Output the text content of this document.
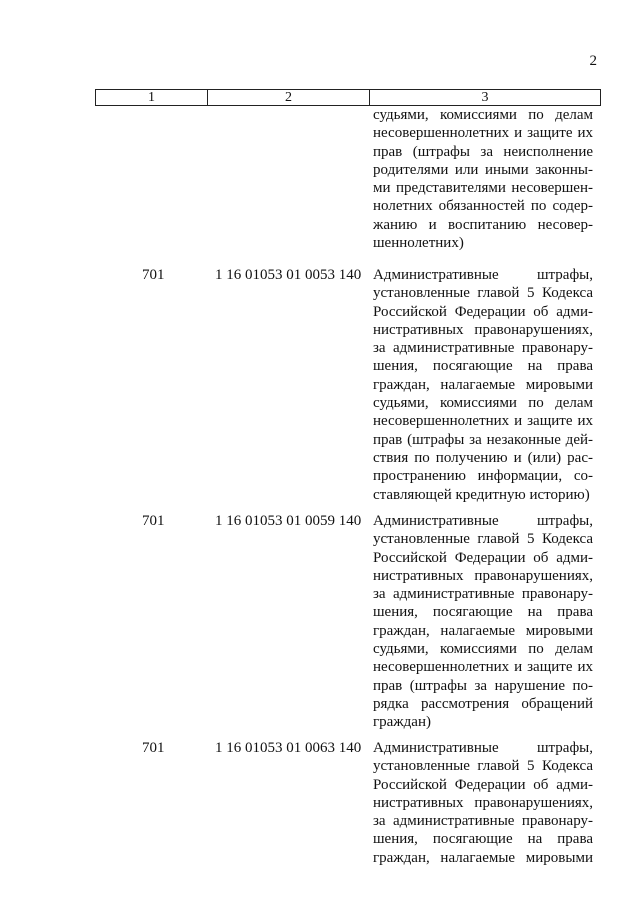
2
1	2	3
судьями, комиссиями по делам
несовершеннолетних и защите их
прав (штрафы за неисполнение
родителями или иными законны-
ми представителями несовершен-
нолетних обязанностей по содер-
жанию и воспитанию несовер-
шеннолетних)
701	1 16 01053 01 0053 140 Административные штрафы,
установленные главой 5 Кодекса
Российской Федерации об адми-
нистративных правонарушениях,
за административные правонару-
шения, посягающие на права
граждан, налагаемые мировыми
судьями, комиссиями по делам
несовершеннолетних и защите их
прав (штрафы за незаконные дей-
ствия по получению и (или) рас-
пространению информации, со-
ставляющей кредитную историю)
701	1 16 01053 01 0059 140 Административные штрафы,
установленные главой 5 Кодекса
Российской Федерации об адми-
нистративных правонарушениях,
за административные правонару-
шения, посягающие на права
граждан, налагаемые мировыми
судьями, комиссиями по делам
несовершеннолетних и защите их
прав (штрафы за нарушение по-
рядка рассмотрения обращений
граждан)
701	1 16 01053 01 0063 140 Административные штрафы,
установленные главой 5 Кодекса
Российской Федерации об адми-
нистративных правонарушениях,
за административные правонару-
шения, посягающие на права
граждан, налагаемые мировыми
